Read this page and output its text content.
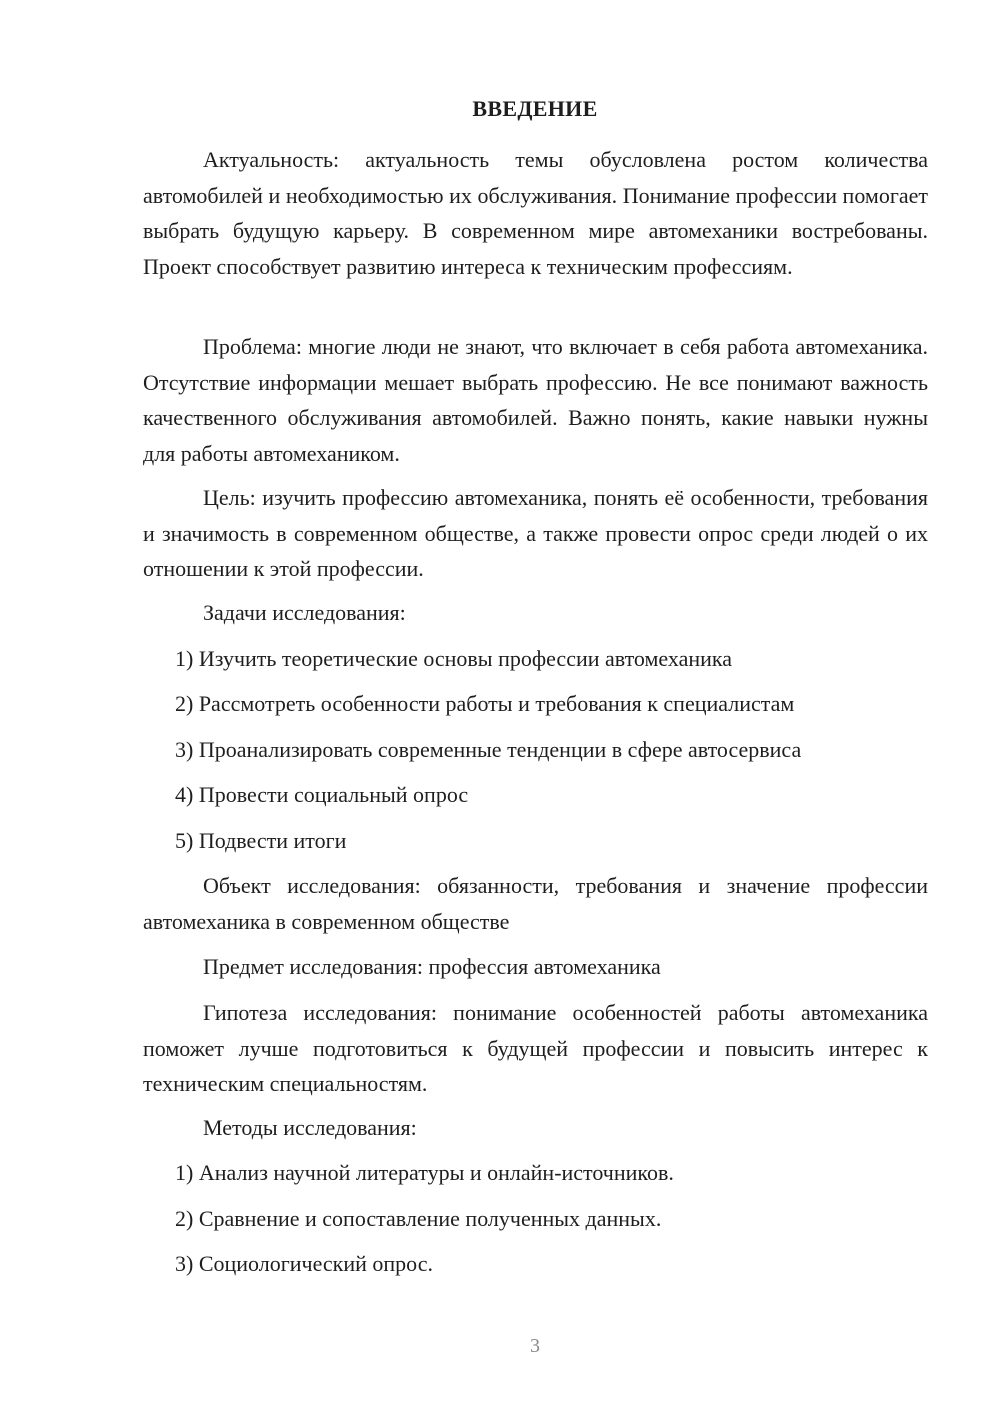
ВВЕДЕНИЕ

Актуальность: актуальность темы обусловлена ростом количества автомобилей и необходимостью их обслуживания. Понимание профессии помогает выбрать будущую карьеру. В современном мире автомеханики востребованы. Проект способствует развитию интереса к техническим профессиям.

Проблема: многие люди не знают, что включает в себя работа автомеханика. Отсутствие информации мешает выбрать профессию. Не все понимают важность качественного обслуживания автомобилей. Важно понять, какие навыки нужны для работы автомехаником.

Цель: изучить профессию автомеханика, понять её особенности, требования и значимость в современном обществе, а также провести опрос среди людей о их отношении к этой профессии.

Задачи исследования:

1) Изучить теоретические основы профессии автомеханика
2) Рассмотреть особенности работы и требования к специалистам
3) Проанализировать современные тенденции в сфере автосервиса
4) Провести социальный опрос
5) Подвести итоги

Объект исследования: обязанности, требования и значение профессии автомеханика в современном обществе

Предмет исследования: профессия автомеханика

Гипотеза исследования: понимание особенностей работы автомеханика поможет лучше подготовиться к будущей профессии и повысить интерес к техническим специальностям.

Методы исследования:

1) Анализ научной литературы и онлайн-источников.
2) Сравнение и сопоставление полученных данных.
3) Социологический опрос.
3
